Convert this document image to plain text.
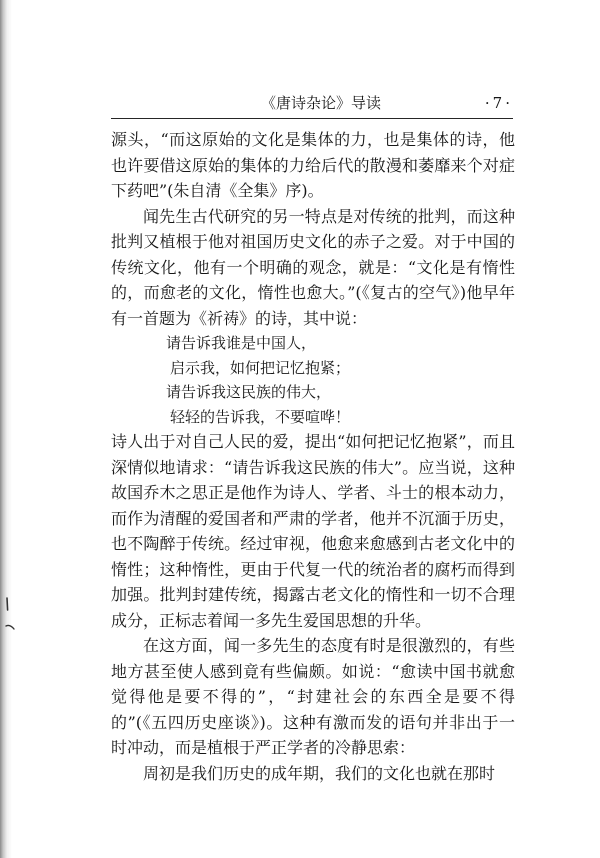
《唐诗杂论》导读	·7·

源头，“而这原始的文化是集体的力，也是集体的诗，他也许要借这原始的集体的力给后代的散漫和萎靡来个对症下药吧”(朱自清《全集》序)。

闻先生古代研究的另一特点是对传统的批判，而这种批判又植根于他对祖国历史文化的赤子之爱。对于中国的传统文化，他有一个明确的观念，就是：“文化是有惰性的，而愈老的文化，惰性也愈大。”(《复古的空气》)他早年有一首题为《祈祷》的诗，其中说：

请告诉我谁是中国人，
启示我，如何把记忆抱紧；
请告诉我这民族的伟大，
轻轻的告诉我，不要喧哗！

诗人出于对自己人民的爱，提出“如何把记忆抱紧”，而且深情似地请求：“请告诉我这民族的伟大”。应当说，这种故国乔木之思正是他作为诗人、学者、斗士的根本动力，而作为清醒的爱国者和严肃的学者，他并不沉湎于历史，也不陶醉于传统。经过审视，他愈来愈感到古老文化中的惰性；这种惰性，更由于代复一代的统治者的腐朽而得到加强。批判封建传统，揭露古老文化的惰性和一切不合理成分，正标志着闻一多先生爱国思想的升华。

在这方面，闻一多先生的态度有时是很激烈的，有些地方甚至使人感到竟有些偏颇。如说：“愈读中国书就愈觉得他是要不得的”，“封建社会的东西全是要不得的”(《五四历史座谈》)。这种有激而发的语句并非出于一时冲动，而是植根于严正学者的冷静思索：

周初是我们历史的成年期，我们的文化也就在那时
